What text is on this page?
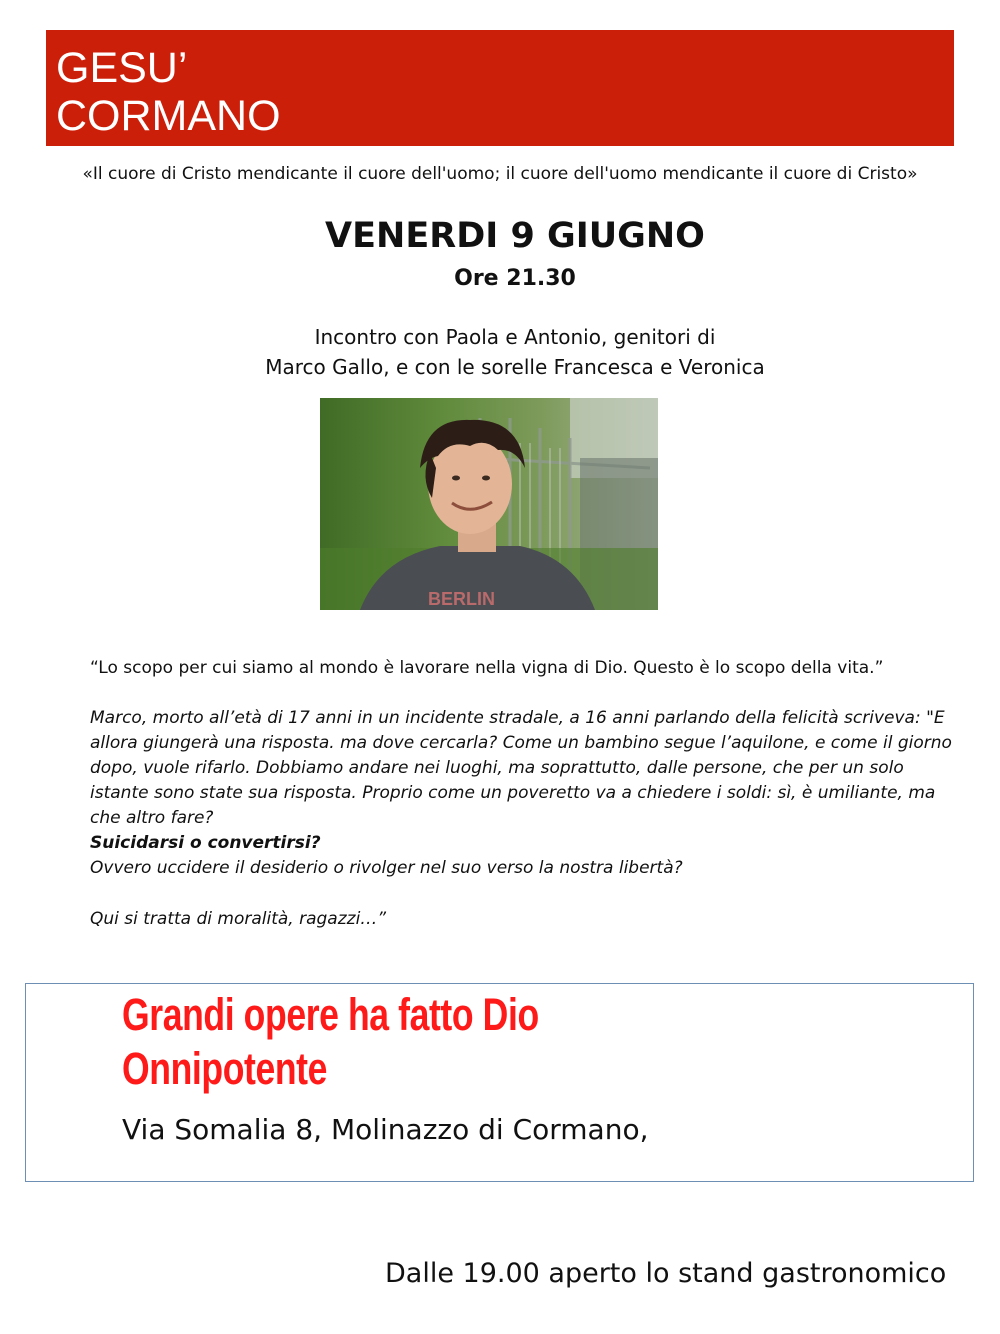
GESU’
CORMANO
«Il cuore di Cristo mendicante il cuore dell'uomo; il cuore dell'uomo mendicante il cuore di Cristo»
VENERDI 9 GIUGNO
Ore 21.30
Incontro con Paola e Antonio, genitori di
Marco Gallo, e con le sorelle Francesca e Veronica
BERLIN
“Lo scopo per cui siamo al mondo è lavorare nella vigna di Dio. Questo è lo scopo della vita.”
Marco, morto all’età di 17 anni in un incidente stradale, a 16 anni parlando della felicità scriveva: "E
allora giungerà una risposta. ma dove cercarla? Come un bambino segue l’aquilone, e come il giorno
dopo, vuole rifarlo. Dobbiamo andare nei luoghi, ma soprattutto, dalle persone, che per un solo
istante sono state sua risposta. Proprio come un poveretto va a chiedere i soldi: sì, è umiliante, ma
che altro fare?
Suicidarsi o convertirsi?
Ovvero uccidere il desiderio o rivolger nel suo verso la nostra libertà?
Qui si tratta di moralità, ragazzi…”
Grandi opere ha fatto Dio
Onnipotente
Via Somalia 8, Molinazzo di Cormano,
Dalle 19.00 aperto lo stand gastronomico
